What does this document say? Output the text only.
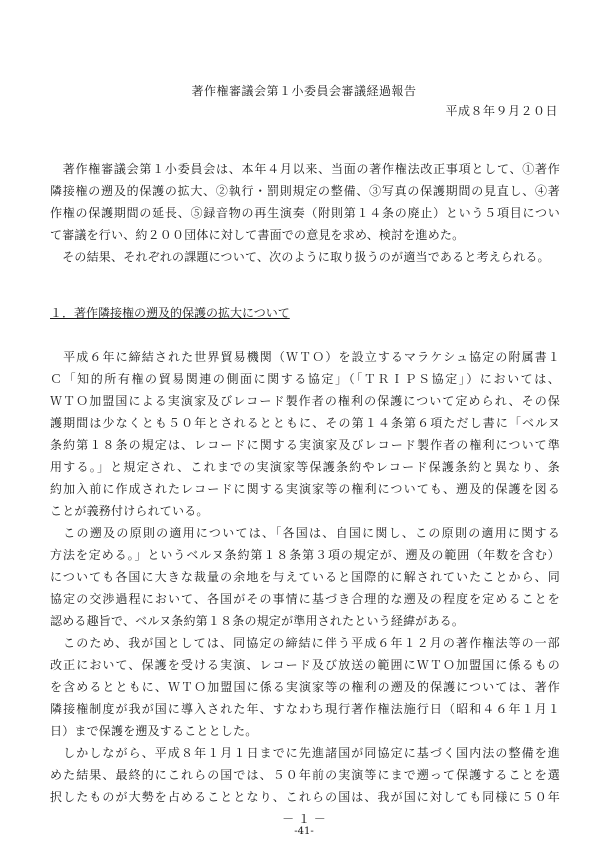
著作権審議会第１小委員会審議経過報告
平成８年９月２０日
　著作権審議会第１小委員会は、本年４月以来、当面の著作権法改正事項として、①著作
隣接権の遡及的保護の拡大、②執行・罰則規定の整備、③写真の保護期間の見直し、④著
作権の保護期間の延長、⑤録音物の再生演奏（附則第１４条の廃止）という５項目につい
て審議を行い、約２００団体に対して書面での意見を求め、検討を進めた。
　その結果、それぞれの課題について、次のように取り扱うのが適当であると考えられる。
１．著作隣接権の遡及的保護の拡大について
　平成６年に締結された世界貿易機関（ＷＴＯ）を設立するマラケシュ協定の附属書１
Ｃ「知的所有権の貿易関連の側面に関する協定」（「ＴＲＩＰＳ協定」）においては、
ＷＴＯ加盟国による実演家及びレコード製作者の権利の保護について定められ、その保
護期間は少なくとも５０年とされるとともに、その第１４条第６項ただし書に「ベルヌ
条約第１８条の規定は、レコードに関する実演家及びレコード製作者の権利について準
用する。」と規定され、これまでの実演家等保護条約やレコード保護条約と異なり、条
約加入前に作成されたレコードに関する実演家等の権利についても、遡及的保護を図る
ことが義務付けられている。
　この遡及の原則の適用については、「各国は、自国に関し、この原則の適用に関する
方法を定める。」というベルヌ条約第１８条第３項の規定が、遡及の範囲（年数を含む）
についても各国に大きな裁量の余地を与えていると国際的に解されていたことから、同
協定の交渉過程において、各国がその事情に基づき合理的な遡及の程度を定めることを
認める趣旨で、ベルヌ条約第１８条の規定が準用されたという経緯がある。
　このため、我が国としては、同協定の締結に伴う平成６年１２月の著作権法等の一部
改正において、保護を受ける実演、レコード及び放送の範囲にＷＴＯ加盟国に係るもの
を含めるとともに、ＷＴＯ加盟国に係る実演家等の権利の遡及的保護については、著作
隣接権制度が我が国に導入された年、すなわち現行著作権法施行日（昭和４６年１月１
日）まで保護を遡及することとした。
　しかしながら、平成８年１月１日までに先進諸国が同協定に基づく国内法の整備を進
めた結果、最終的にこれらの国では、５０年前の実演等にまで遡って保護することを選
択したものが大勢を占めることとなり、これらの国は、我が国に対しても同様に５０年
－ １ －
-41-
